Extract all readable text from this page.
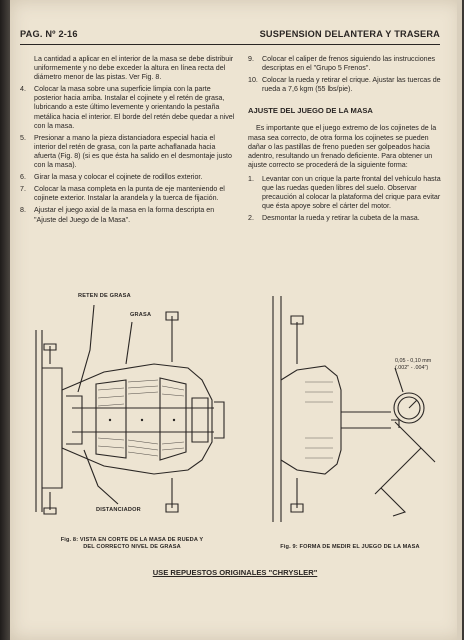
PAG. Nº 2-16	SUSPENSION DELANTERA Y TRASERA
La cantidad a aplicar en el interior de la masa se debe distribuir uniformemente y no debe exceder la altura en línea recta del diámetro menor de las pistas. Ver Fig. 8.
4.	Colocar la masa sobre una superficie limpia con la parte posterior hacia arriba. Instalar el cojinete y el retén de grasa, lubricando a este último levemente y orientando la pestaña metálica hacia el interior. El borde del retén debe quedar a nivel con la masa.
5.	Presionar a mano la pieza distanciadora especial hacia el interior del retén de grasa, con la parte achaflanada hacia afuerta (Fig. 8) (si es que ésta ha salido en el desmontaje justo con la masa).
6.	Girar la masa y colocar el cojinete de rodillos exterior.
7.	Colocar la masa completa en la punta de eje manteniendo el cojinete exterior. Instalar la arandela y la tuerca de fijación.
8.	Ajustar el juego axial de la masa en la forma descripta en "Ajuste del Juego de la Masa".
9.	Colocar el caliper de frenos siguiendo las instrucciones descriptas en el "Grupo 5 Frenos".
10. Colocar la rueda y retirar el crique. Ajustar las tuercas de rueda a 7,6 kgm (55 lbs/pie).
AJUSTE DEL JUEGO DE LA MASA
Es importante que el juego extremo de los cojinetes de la masa sea correcto, de otra forma los cojinetes se pueden dañar o las pastillas de freno pueden ser golpeados hacia adentro, resultando un frenado deficiente. Para obtener un ajuste correcto se procederá de la siguiente forma:
1.	Levantar con un crique la parte frontal del vehículo hasta que las ruedas queden libres del suelo. Observar precaución al colocar la plataforma del crique para evitar que ésta apoye sobre el cárter del motor.
2.	Desmontar la rueda y retirar la cubeta de la masa.
RETEN DE GRASA
GRASA
DISTANCIADOR
0,05 - 0,10 mm
(.002" - .004")
Fig. 8: VISTA EN CORTE DE LA MASA DE RUEDA Y
DEL CORRECTO NIVEL DE GRASA	Fig. 9: FORMA DE MEDIR EL JUEGO DE LA MASA
USE REPUESTOS ORIGINALES "CHRYSLER"
